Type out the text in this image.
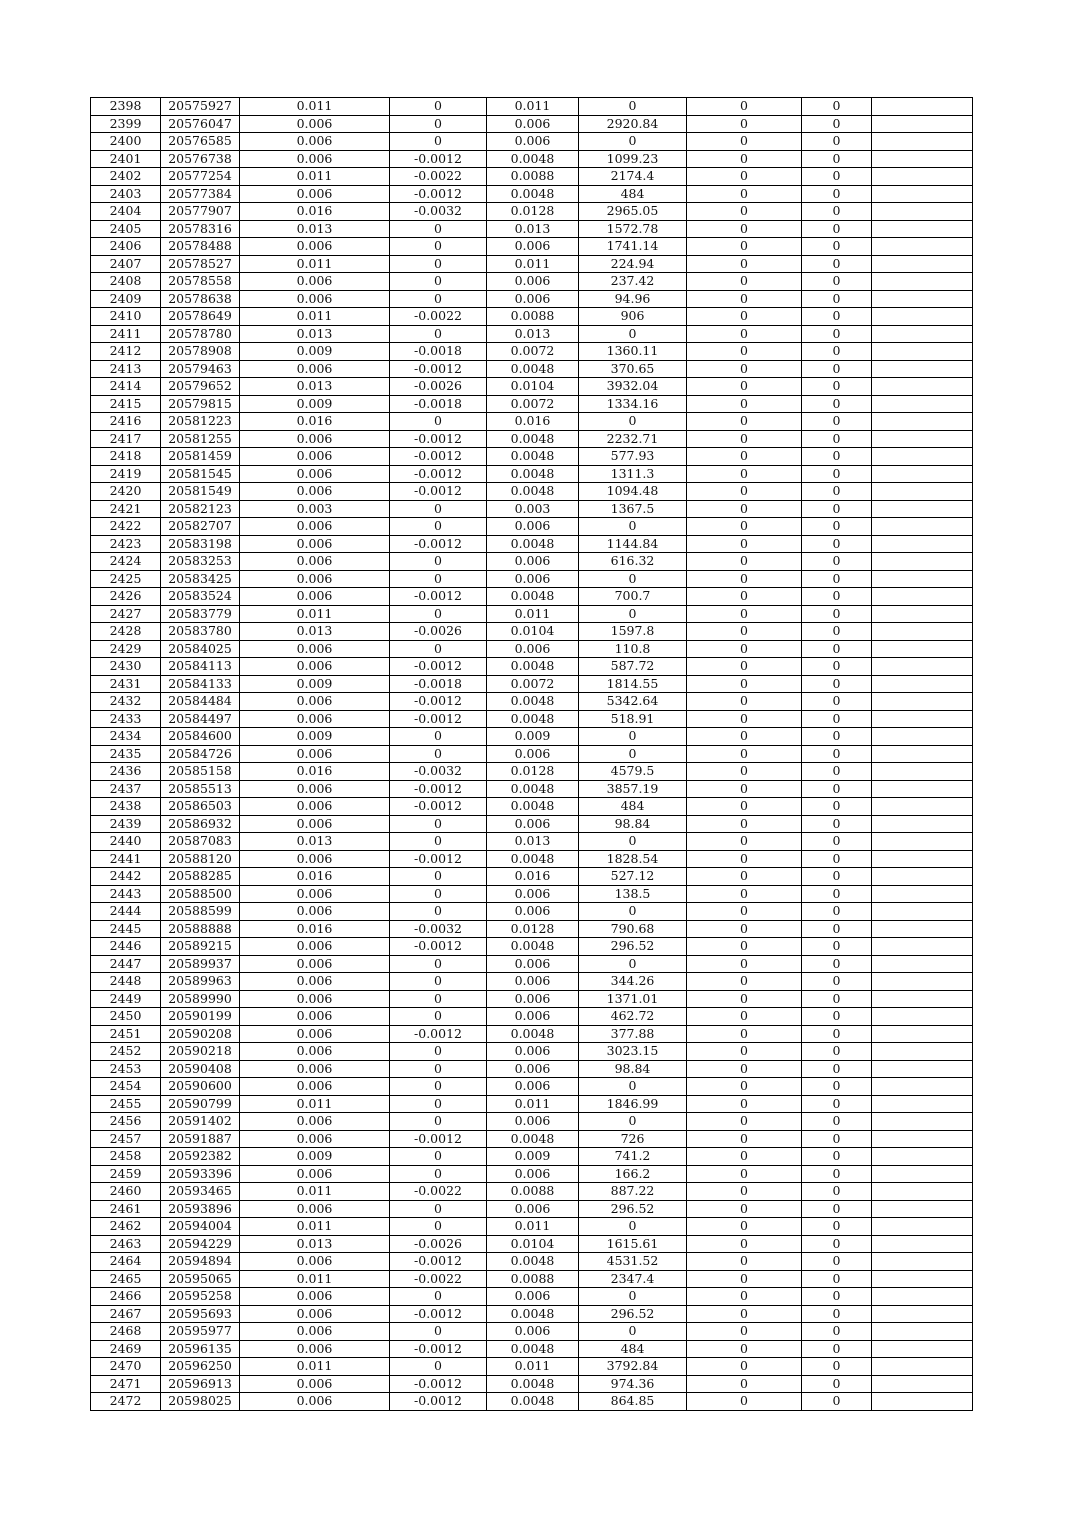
2398	20575927	0.011	0	0.011	0	0	0	
2399	20576047	0.006	0	0.006	2920.84	0	0	
2400	20576585	0.006	0	0.006	0	0	0	
2401	20576738	0.006	-0.0012	0.0048	1099.23	0	0	
2402	20577254	0.011	-0.0022	0.0088	2174.4	0	0	
2403	20577384	0.006	-0.0012	0.0048	484	0	0	
2404	20577907	0.016	-0.0032	0.0128	2965.05	0	0	
2405	20578316	0.013	0	0.013	1572.78	0	0	
2406	20578488	0.006	0	0.006	1741.14	0	0	
2407	20578527	0.011	0	0.011	224.94	0	0	
2408	20578558	0.006	0	0.006	237.42	0	0	
2409	20578638	0.006	0	0.006	94.96	0	0	
2410	20578649	0.011	-0.0022	0.0088	906	0	0	
2411	20578780	0.013	0	0.013	0	0	0	
2412	20578908	0.009	-0.0018	0.0072	1360.11	0	0	
2413	20579463	0.006	-0.0012	0.0048	370.65	0	0	
2414	20579652	0.013	-0.0026	0.0104	3932.04	0	0	
2415	20579815	0.009	-0.0018	0.0072	1334.16	0	0	
2416	20581223	0.016	0	0.016	0	0	0	
2417	20581255	0.006	-0.0012	0.0048	2232.71	0	0	
2418	20581459	0.006	-0.0012	0.0048	577.93	0	0	
2419	20581545	0.006	-0.0012	0.0048	1311.3	0	0	
2420	20581549	0.006	-0.0012	0.0048	1094.48	0	0	
2421	20582123	0.003	0	0.003	1367.5	0	0	
2422	20582707	0.006	0	0.006	0	0	0	
2423	20583198	0.006	-0.0012	0.0048	1144.84	0	0	
2424	20583253	0.006	0	0.006	616.32	0	0	
2425	20583425	0.006	0	0.006	0	0	0	
2426	20583524	0.006	-0.0012	0.0048	700.7	0	0	
2427	20583779	0.011	0	0.011	0	0	0	
2428	20583780	0.013	-0.0026	0.0104	1597.8	0	0	
2429	20584025	0.006	0	0.006	110.8	0	0	
2430	20584113	0.006	-0.0012	0.0048	587.72	0	0	
2431	20584133	0.009	-0.0018	0.0072	1814.55	0	0	
2432	20584484	0.006	-0.0012	0.0048	5342.64	0	0	
2433	20584497	0.006	-0.0012	0.0048	518.91	0	0	
2434	20584600	0.009	0	0.009	0	0	0	
2435	20584726	0.006	0	0.006	0	0	0	
2436	20585158	0.016	-0.0032	0.0128	4579.5	0	0	
2437	20585513	0.006	-0.0012	0.0048	3857.19	0	0	
2438	20586503	0.006	-0.0012	0.0048	484	0	0	
2439	20586932	0.006	0	0.006	98.84	0	0	
2440	20587083	0.013	0	0.013	0	0	0	
2441	20588120	0.006	-0.0012	0.0048	1828.54	0	0	
2442	20588285	0.016	0	0.016	527.12	0	0	
2443	20588500	0.006	0	0.006	138.5	0	0	
2444	20588599	0.006	0	0.006	0	0	0	
2445	20588888	0.016	-0.0032	0.0128	790.68	0	0	
2446	20589215	0.006	-0.0012	0.0048	296.52	0	0	
2447	20589937	0.006	0	0.006	0	0	0	
2448	20589963	0.006	0	0.006	344.26	0	0	
2449	20589990	0.006	0	0.006	1371.01	0	0	
2450	20590199	0.006	0	0.006	462.72	0	0	
2451	20590208	0.006	-0.0012	0.0048	377.88	0	0	
2452	20590218	0.006	0	0.006	3023.15	0	0	
2453	20590408	0.006	0	0.006	98.84	0	0	
2454	20590600	0.006	0	0.006	0	0	0	
2455	20590799	0.011	0	0.011	1846.99	0	0	
2456	20591402	0.006	0	0.006	0	0	0	
2457	20591887	0.006	-0.0012	0.0048	726	0	0	
2458	20592382	0.009	0	0.009	741.2	0	0	
2459	20593396	0.006	0	0.006	166.2	0	0	
2460	20593465	0.011	-0.0022	0.0088	887.22	0	0	
2461	20593896	0.006	0	0.006	296.52	0	0	
2462	20594004	0.011	0	0.011	0	0	0	
2463	20594229	0.013	-0.0026	0.0104	1615.61	0	0	
2464	20594894	0.006	-0.0012	0.0048	4531.52	0	0	
2465	20595065	0.011	-0.0022	0.0088	2347.4	0	0	
2466	20595258	0.006	0	0.006	0	0	0	
2467	20595693	0.006	-0.0012	0.0048	296.52	0	0	
2468	20595977	0.006	0	0.006	0	0	0	
2469	20596135	0.006	-0.0012	0.0048	484	0	0	
2470	20596250	0.011	0	0.011	3792.84	0	0	
2471	20596913	0.006	-0.0012	0.0048	974.36	0	0	
2472	20598025	0.006	-0.0012	0.0048	864.85	0	0	
